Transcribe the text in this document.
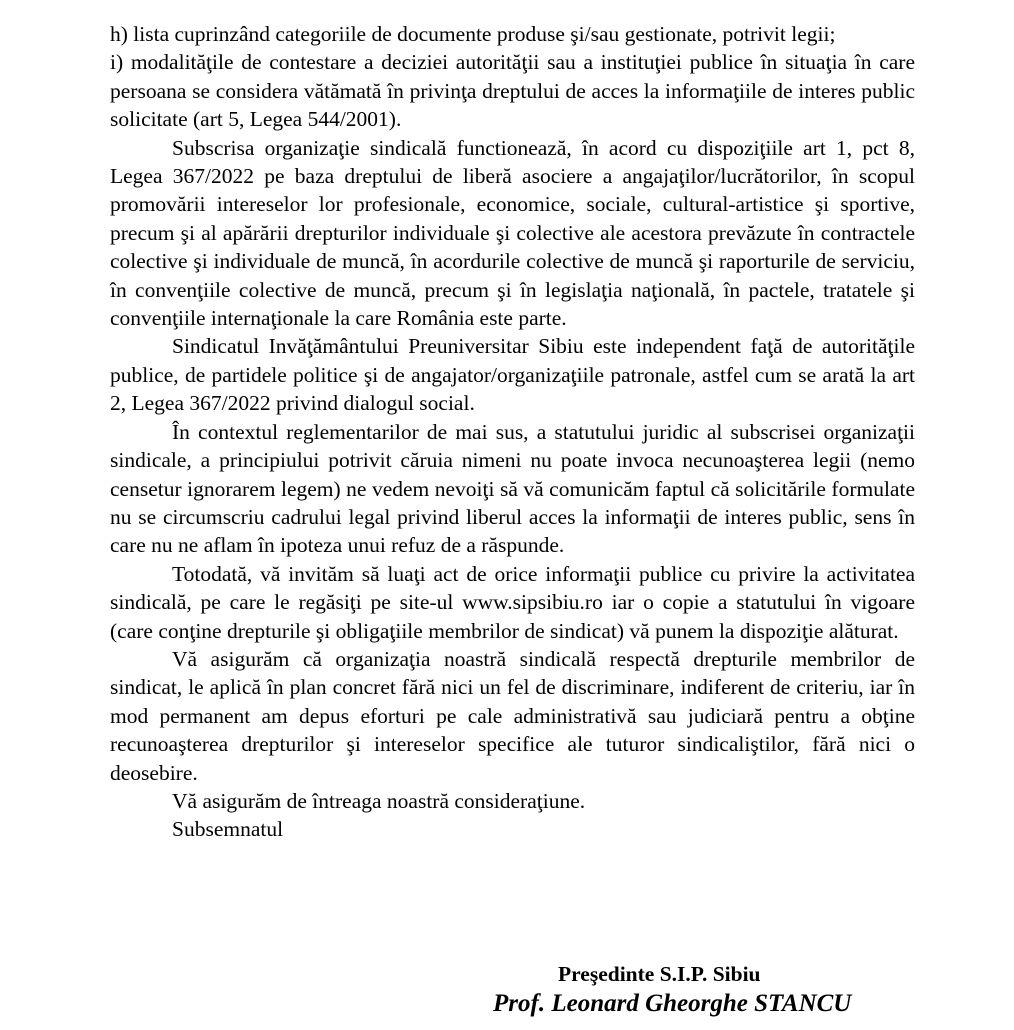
h) lista cuprinzând categoriile de documente produse şi/sau gestionate, potrivit legii;

i) modalităţile de contestare a deciziei autorităţii sau a instituţiei publice în situaţia în care persoana se considera vătămată în privinţa dreptului de acces la informaţiile de interes public solicitate (art 5, Legea 544/2001).

Subscrisa organizaţie sindicală functionează, în acord cu dispoziţiile art 1, pct 8, Legea 367/2022 pe baza dreptului de liberă asociere a angajaţilor/lucrătorilor, în scopul promovării intereselor lor profesionale, economice, sociale, cultural-artistice şi sportive, precum şi al apărării drepturilor individuale şi colective ale acestora prevăzute în contractele colective şi individuale de muncă, în acordurile colective de muncă şi raporturile de serviciu, în convenţiile colective de muncă, precum şi în legislaţia naţională, în pactele, tratatele şi convenţiile internaţionale la care România este parte.

Sindicatul Invăţământului Preuniversitar Sibiu este independent faţă de autorităţile publice, de partidele politice şi de angajator/organizaţiile patronale, astfel cum se arată la art 2, Legea 367/2022 privind dialogul social.

În contextul reglementarilor de mai sus, a statutului juridic al subscrisei organizaţii sindicale, a principiului potrivit căruia nimeni nu poate invoca necunoaşterea legii (nemo censetur ignorarem legem) ne vedem nevoiţi să vă comunicăm faptul că solicitările formulate nu se circumscriu cadrului legal privind liberul acces la informaţii de interes public, sens în care nu ne aflam în ipoteza unui refuz de a răspunde.

Totodată, vă invităm să luaţi act de orice informaţii publice cu privire la activitatea sindicală, pe care le regăsiţi pe site-ul www.sipsibiu.ro iar o copie a statutului în vigoare (care conţine drepturile şi obligaţiile membrilor de sindicat) vă punem la dispoziţie alăturat.

Vă asigurăm că organizaţia noastră sindicală respectă drepturile membrilor de sindicat, le aplică în plan concret fără nici un fel de discriminare, indiferent de criteriu, iar în mod permanent am depus eforturi pe cale administrativă sau judiciară pentru a obţine recunoaşterea drepturilor şi intereselor specifice ale tuturor sindicaliştilor, fără nici o deosebire.

Vă asigurăm de întreaga noastră consideraţiune.

Subsemnatul

Preşedinte S.I.P. Sibiu
Prof. Leonard Gheorghe STANCU
